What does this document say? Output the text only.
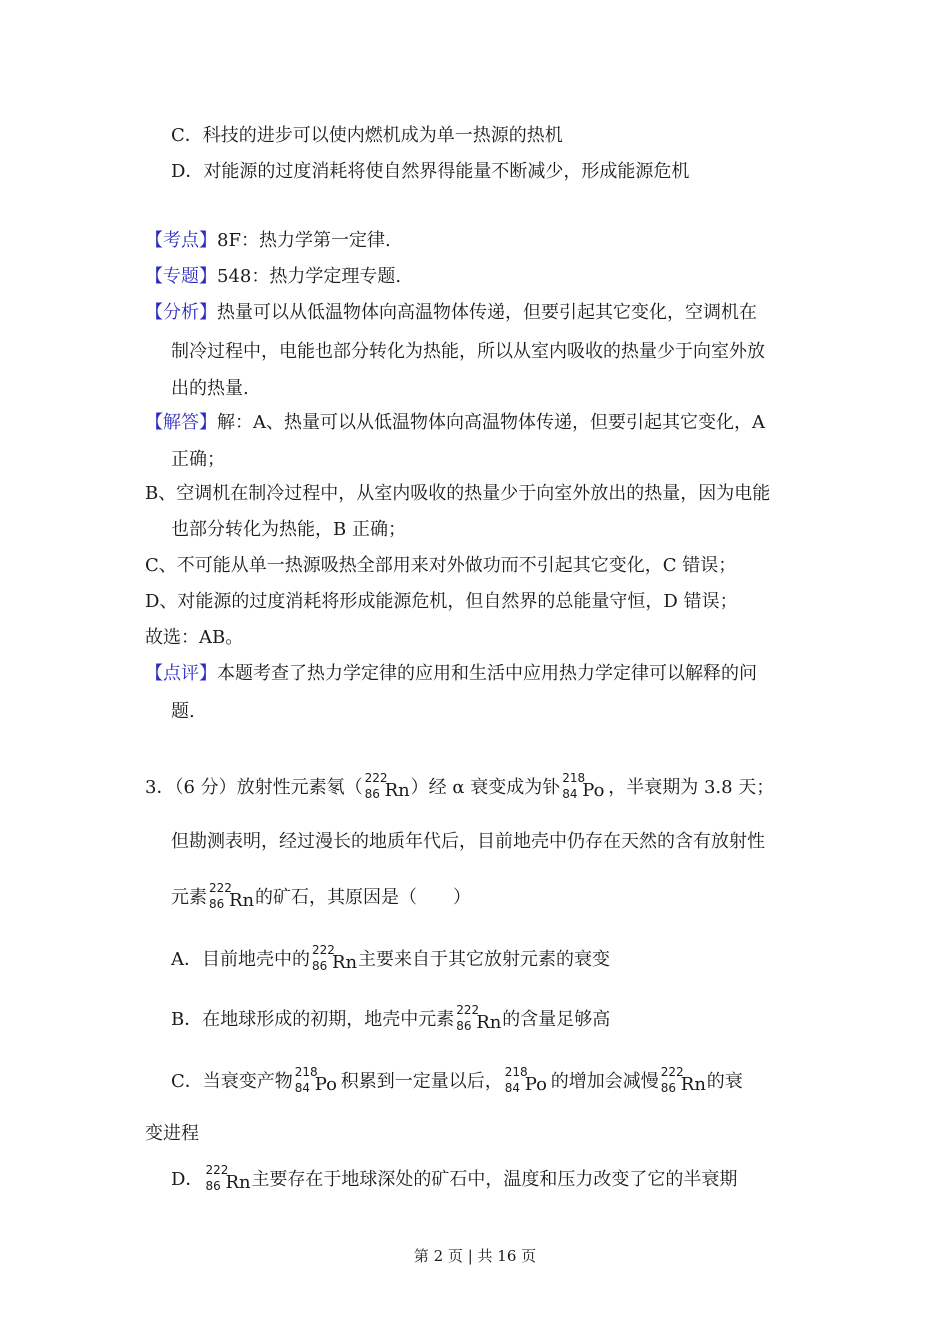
C．科技的进步可以使内燃机成为单一热源的热机
D．对能源的过度消耗将使自然界得能量不断减少，形成能源危机
【考点】8F：热力学第一定律.
【专题】548：热力学定理专题.
【分析】热量可以从低温物体向高温物体传递，但要引起其它变化，空调机在
制冷过程中，电能也部分转化为热能，所以从室内吸收的热量少于向室外放
出的热量.
【解答】解：A、热量可以从低温物体向高温物体传递，但要引起其它变化，A
正确；
B、空调机在制冷过程中，从室内吸收的热量少于向室外放出的热量，因为电能
也部分转化为热能，B 正确；
C、不可能从单一热源吸热全部用来对外做功而不引起其它变化，C 错误；
D、对能源的过度消耗将形成能源危机，但自然界的总能量守恒，D 错误；
故选：AB。
【点评】本题考查了热力学定律的应用和生活中应用热力学定律可以解释的问
题.
3．（6 分）放射性元素氡（ 222
86 Rn ）经 α 衰变成为钋 218
84 Po ，半衰期为 3.8 天；
但勘测表明，经过漫长的地质年代后，目前地壳中仍存在天然的含有放射性
元素 222
86 Rn 的矿石，其原因是（　　）
A．目前地壳中的 222
86 Rn 主要来自于其它放射元素的衰变
B．在地球形成的初期，地壳中元素 222
86 Rn 的含量足够高
C．当衰变产物 218
84 Po 积累到一定量以后， 218
84 Po 的增加会减慢 222
86 Rn 的衰
变进程
D． 222
86 Rn 主要存在于地球深处的矿石中，温度和压力改变了它的半衰期
第 2 页 | 共 16 页
